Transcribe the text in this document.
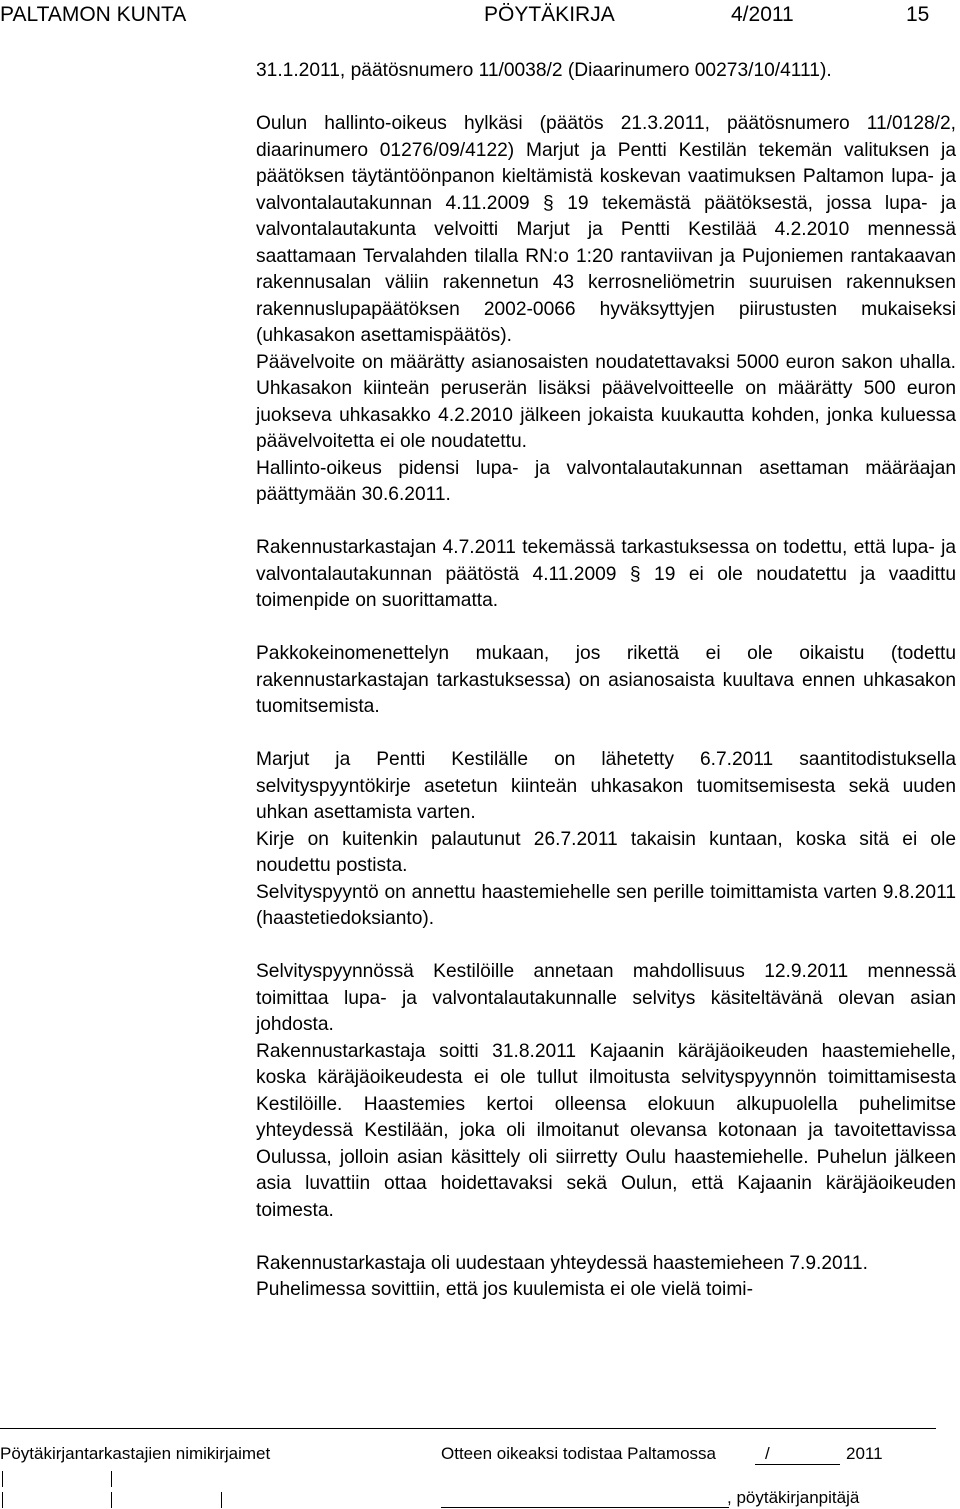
PALTAMON KUNTA	PÖYTÄKIRJA	4/2011	15

31.1.2011, päätösnumero 11/0038/2 (Diaarinumero 00273/10/4111).

Oulun hallinto-oikeus hylkäsi (päätös 21.3.2011, päätösnumero 11/0128/2, diaarinumero 01276/09/4122) Marjut ja Pentti Kestilän tekemän valituksen ja päätöksen täytäntöönpanon kieltämistä koskevan vaatimuksen Paltamon lupa- ja valvontalautakunnan 4.11.2009 § 19 tekemästä päätöksestä, jossa lupa- ja valvontalautakunta velvoitti Marjut ja Pentti Kestilää 4.2.2010 mennessä saattamaan Tervalahden tilalla RN:o 1:20 rantaviivan ja Pujoniemen rantakaavan rakennusalan väliin rakennetun 43 kerrosneliömetrin suuruisen rakennuksen rakennuslupapäätöksen 2002-0066 hyväksyttyjen piirustusten mukaiseksi (uhkasakon asettamispäätös).

Päävelvoite on määrätty asianosaisten noudatettavaksi 5000 euron sakon uhalla. Uhkasakon kiinteän peruserän lisäksi päävelvoitteelle on määrätty 500 euron juokseva uhkasakko 4.2.2010 jälkeen jokaista kuukautta kohden, jonka kuluessa päävelvoitetta ei ole noudatettu.

Hallinto-oikeus pidensi lupa- ja valvontalautakunnan asettaman määräajan päättymään 30.6.2011.

Rakennustarkastajan 4.7.2011 tekemässä tarkastuksessa on todettu, että lupa- ja valvontalautakunnan päätöstä 4.11.2009 § 19 ei ole noudatettu ja vaadittu toimenpide on suorittamatta.

Pakkokeinomenettelyn mukaan, jos rikettä ei ole oikaistu (todettu rakennustarkastajan tarkastuksessa) on asianosaista kuultava ennen uhkasakon tuomitsemista.

Marjut ja Pentti Kestilälle on lähetetty 6.7.2011 saantitodistuksella selvityspyyntökirje asetetun kiinteän uhkasakon tuomitsemisesta sekä uuden uhkan asettamista varten.

Kirje on kuitenkin palautunut 26.7.2011 takaisin kuntaan, koska sitä ei ole noudettu postista.

Selvityspyyntö on annettu haastemiehelle sen perille toimittamista varten 9.8.2011 (haastetiedoksianto).

Selvityspyynnössä Kestilöille annetaan mahdollisuus 12.9.2011 mennessä toimittaa lupa- ja valvontalautakunnalle selvitys käsiteltävänä olevan asian johdosta.

Rakennustarkastaja soitti 31.8.2011 Kajaanin käräjäoikeuden haastemiehelle, koska käräjäoikeudesta ei ole tullut ilmoitusta selvityspyynnön toimittamisesta Kestilöille. Haastemies kertoi olleensa elokuun alkupuolella puhelimitse yhteydessä Kestilään, joka oli ilmoitanut olevansa kotonaan ja tavoitettavissa Oulussa, jolloin asian käsittely oli siirretty Oulu haastemiehelle. Puhelun jälkeen asia luvattiin ottaa hoidettavaksi sekä Oulun, että Kajaanin käräjäoikeuden toimesta.

Rakennustarkastaja oli uudestaan yhteydessä haastemieheen 7.9.2011. Puhelimessa sovittiin, että jos kuulemista ei ole vielä toimi-

Pöytäkirjantarkastajien nimikirjaimet	Otteen oikeaksi todistaa Paltamossa	/	2011
, pöytäkirjanpitäjä
